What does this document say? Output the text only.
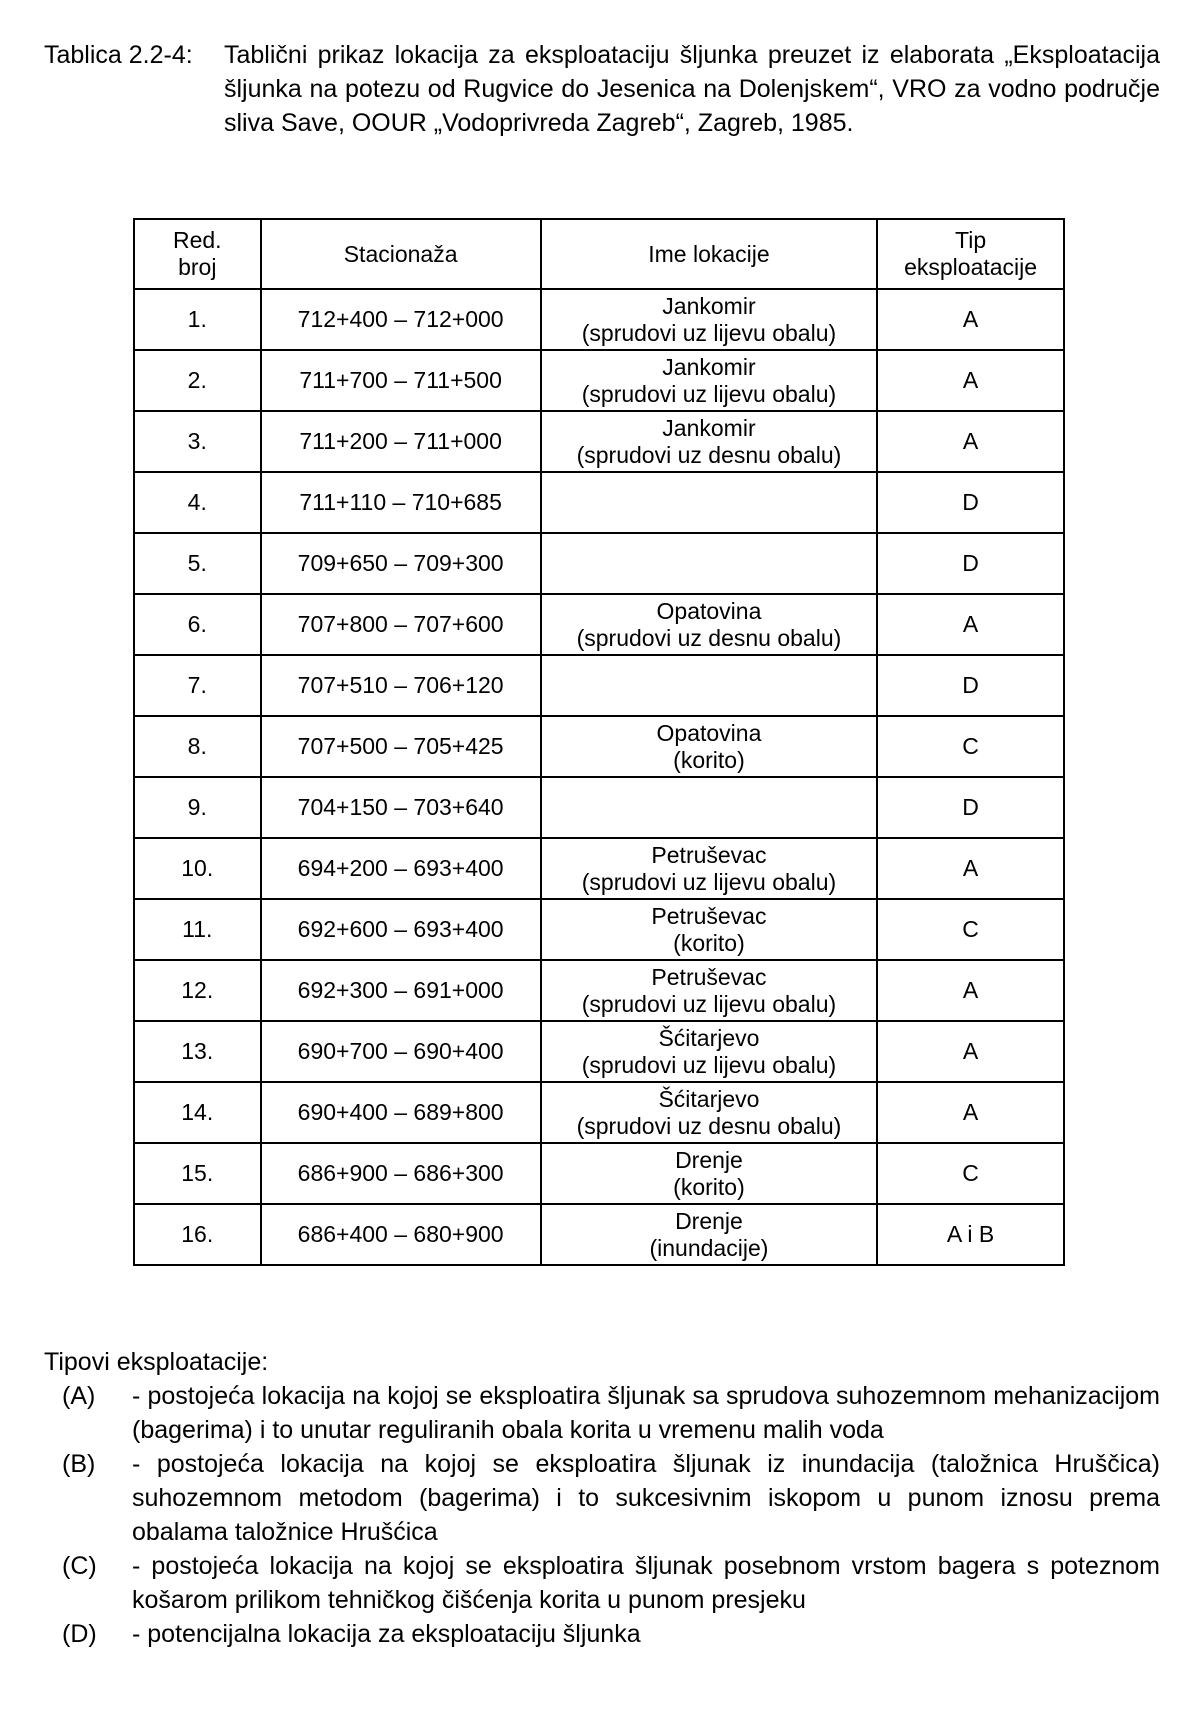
Tablica 2.2-4: Tablični prikaz lokacija za eksploataciju šljunka preuzet iz elaborata „Eksploatacija šljunka na potezu od Rugvice do Jesenica na Dolenjskem“, VRO za vodno područje sliva Save, OOUR „Vodoprivreda Zagreb“, Zagreb, 1985.
Red.
broj	Stacionaža	Ime lokacije	Tip
eksploatacije

1.	712+400 – 712+000	Jankomir
(sprudovi uz lijevu obalu)	A
2.	711+700 – 711+500	Jankomir
(sprudovi uz lijevu obalu)	A
3.	711+200 – 711+000	Jankomir
(sprudovi uz desnu obalu)	A
4.	711+110 – 710+685		D
5.	709+650 – 709+300		D
6.	707+800 – 707+600	Opatovina
(sprudovi uz desnu obalu)	A
7.	707+510 – 706+120		D
8.	707+500 – 705+425	Opatovina
(korito)	C
9.	704+150 – 703+640		D
10.	694+200 – 693+400	Petruševac
(sprudovi uz lijevu obalu)	A
11.	692+600 – 693+400	Petruševac
(korito)	C
12.	692+300 – 691+000	Petruševac
(sprudovi uz lijevu obalu)	A
13.	690+700 – 690+400	Šćitarjevo
(sprudovi uz lijevu obalu)	A
14.	690+400 – 689+800	Šćitarjevo
(sprudovi uz desnu obalu)	A
15.	686+900 – 686+300	Drenje
(korito)	C
16.	686+400 – 680+900	Drenje
(inundacije)	A i B
Tipovi eksploatacije:
(A) - postojeća lokacija na kojoj se eksploatira šljunak sa sprudova suhozemnom mehanizacijom (bagerima) i to unutar reguliranih obala korita u vremenu malih voda
(B) - postojeća lokacija na kojoj se eksploatira šljunak iz inundacija (taložnica Hruščica) suhozemnom metodom (bagerima) i to sukcesivnim iskopom u punom iznosu prema obalama taložnice Hrušćica
(C) - postojeća lokacija na kojoj se eksploatira šljunak posebnom vrstom bagera s poteznom košarom prilikom tehničkog čišćenja korita u punom presjeku
(D) - potencijalna lokacija za eksploataciju šljunka
